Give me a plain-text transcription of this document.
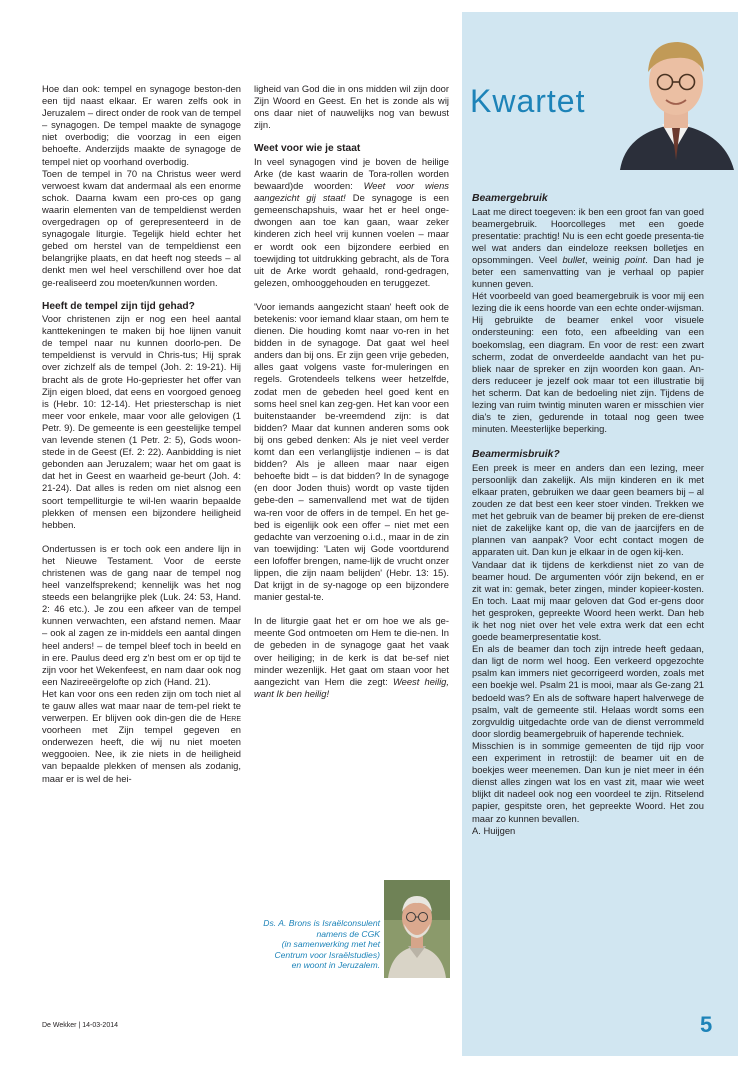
Hoe dan ook: tempel en synagoge beston-den een tijd naast elkaar. Er waren zelfs ook in Jeruzalem – direct onder de rook van de tempel – synagogen. De tempel maakte de synagoge niet overbodig; die voorzag in een eigen behoefte. Anderzijds maakte de synagoge de tempel niet op voorhand overbodig.

Toen de tempel in 70 na Christus weer werd verwoest kwam dat andermaal als een enorme schok. Daarna kwam een pro-ces op gang waarin elementen van de tempeldienst werden overgedragen op of gerepresenteerd in de synagogale liturgie. Tegelijk hield echter het gebed om herstel van de tempeldienst een belangrijke plaats, en dat heeft nog steeds – al denkt men wel heel verschillend over hoe dat ge-realiseerd zou moeten/kunnen worden.

Heeft de tempel zijn tijd gehad?

Voor christenen zijn er nog een heel aantal kanttekeningen te maken bij hoe lijnen vanuit de tempel naar nu kunnen doorlo-pen. De tempeldienst is vervuld in Chris-tus; Hij sprak over zichzelf als de tempel (Joh. 2: 19-21). Hij bracht als de grote Ho-gepriester het offer van Zijn eigen bloed, dat eens en voorgoed genoeg is (Hebr. 10: 12-14). Het priesterschap is niet meer voor enkele, maar voor alle gelovigen (1 Petr. 9). De gemeente is een geestelijke tempel van levende stenen (1 Petr. 2: 5), Gods woon-stede in de Geest (Ef. 2: 22). Aanbidding is niet gebonden aan Jeruzalem; waar het om gaat is dat het in Geest en waarheid ge-beurt (Joh. 4: 21-24). Dat alles is reden om niet alsnog een soort tempelliturgie te wil-len waarin bepaalde plekken of mensen een bijzondere heiligheid hebben.

Ondertussen is er toch ook een andere lijn in het Nieuwe Testament. Voor de eerste christenen was de gang naar de tempel nog heel vanzelfsprekend; kennelijk was het nog steeds een belangrijke plek (Luk. 24: 53, Hand. 2: 46 etc.). Je zou een afkeer van de tempel kunnen verwachten, een afstand nemen. Maar – ook al zagen ze in-middels een aantal dingen heel anders! – de tempel bleef toch in beeld en in ere. Paulus deed erg z'n best om er op tijd te zijn voor het Wekenfeest, en nam daar ook nog een Nazireeërgelofte op zich (Hand. 21).

Het kan voor ons een reden zijn om toch niet al te gauw alles wat maar naar de tem-pel riekt te verwerpen. Er blijven ook din-gen die de Here voorheen met Zijn tempel gegeven en onderwezen heeft, die wij nu niet moeten weggooien. Nee, ik zie niets in de heiligheid van bepaalde plekken of mensen als zodanig, maar er is wel de hei-

ligheid van God die in ons midden wil zijn door Zijn Woord en Geest. En het is zonde als wij ons daar niet of nauwelijks nog van bewust zijn.

Weet voor wie je staat

In veel synagogen vind je boven de heilige Arke (de kast waarin de Tora-rollen worden bewaard)de woorden: Weet voor wiens aangezicht gij staat! De synagoge is een gemeenschapshuis, waar het er heel onge-dwongen aan toe kan gaan, waar zeker kinderen zich heel vrij kunnen voelen – maar er wordt ook een bijzondere eerbied en toewijding tot uitdrukking gebracht, als de Tora uit de Arke wordt gehaald, rond-gedragen, gelezen, omhooggehouden en teruggezet.

'Voor iemands aangezicht staan' heeft ook de betekenis: voor iemand klaar staan, om hem te dienen. Die houding komt naar vo-ren in het bidden in de synagoge. Dat gaat wel heel anders dan bij ons. Er zijn geen vrije gebeden, alles gaat volgens vaste for-muleringen en regels. Grotendeels telkens weer hetzelfde, zodat men de gebeden heel goed kent en soms heel snel kan zeg-gen. Het kan voor een buitenstaander be-vreemdend zijn: is dat bidden? Maar dat kunnen anderen soms ook bij ons gebed denken: Als je niet veel verder komt dan een verlanglijstje indienen – is dat bidden? Als je alleen maar naar eigen behoefte bidt – is dat bidden? In de synagoge (en door Joden thuis) wordt op vaste tijden gebe-den – samenvallend met wat de tijden wa-ren voor de offers in de tempel. En het ge-bed is eigenlijk ook een offer – niet met een gedachte van verzoening o.i.d., maar in de zin van toewijding: 'Laten wij Gode voortdurend een lofoffer brengen, name-lijk de vrucht onzer lippen, die zijn naam belijden' (Hebr. 13: 15). Dat krijgt in de sy-nagoge op een bijzondere manier gestal-te.

In de liturgie gaat het er om hoe we als ge-meente God ontmoeten om Hem te die-nen. In de gebeden in de synagoge gaat het vaak over heiliging; in de kerk is dat be-sef niet minder wezenlijk. Het gaat om staan voor het aangezicht van Hem die zegt: Weest heilig, want Ik ben heilig!

Ds. A. Brons is Israëlconsulent
namens de CGK
(in samenwerking met het
Centrum voor Israëlstudies)
en woont in Jeruzalem.
Kwartet
Beamergebruik

Laat me direct toegeven: ik ben een groot fan van goed beamergebruik. Hoorcolleges met een goede presentatie: prachtig! Nu is een echt goede presenta-tie wel wat anders dan eindeloze reeksen bolletjes en opsommingen. Veel bullet, weinig point. Dan had je beter een samenvatting van je verhaal op papier kunnen geven.

Hét voorbeeld van goed beamergebruik is voor mij een lezing die ik eens hoorde van een echte onder-wijsman. Hij gebruikte de beamer enkel voor visuele ondersteuning: een foto, een afbeelding van een boekomslag, een diagram. En voor de rest: een zwart scherm, zodat de onverdeelde aandacht van het pu-bliek naar de spreker en zijn woorden kon gaan. An-ders reduceer je jezelf ook maar tot een illustratie bij het scherm. Dat kan de bedoeling niet zijn. Tijdens de lezing van ruim twintig minuten waren er misschien vier dia's te zien, gedurende in totaal nog geen twee minuten. Meesterlijke beperking.

Beamermisbruik?

Een preek is meer en anders dan een lezing, meer persoonlijk dan zakelijk. Als mijn kinderen en ik met elkaar praten, gebruiken we daar geen beamers bij – al zouden ze dat best een keer stoer vinden. Trekken we met het gebruik van de beamer bij preken de ere-dienst niet de zakelijke kant op, die van de jaarcijfers en de plannen van aanpak? Voor echt contact mogen de apparaten uit. Dan kun je elkaar in de ogen kij-ken.

Vandaar dat ik tijdens de kerkdienst niet zo van de beamer houd. De argumenten vóór zijn bekend, en er zit wat in: gemak, beter zingen, minder kopieer-kosten. En toch. Laat mij maar geloven dat God er-gens door het gesproken, gepreekte Woord heen werkt. Dan heb ik het nog niet over het vele extra werk dat een echt goede beamerpresentatie kost.

En als de beamer dan toch zijn intrede heeft gedaan, dan ligt de norm wel hoog. Een verkeerd opgezochte psalm kan immers niet gecorrigeerd worden, zoals met een boekje wel. Psalm 21 is mooi, maar als Ge-zang 21 bedoeld was? En als de software hapert halverwege de psalm, valt de gemeente stil. Helaas wordt soms een zorgvuldig uitgedachte orde van de dienst verrommeld door slordig beamergebruik of haperende techniek.

Misschien is in sommige gemeenten de tijd rijp voor een experiment in retrostijl: de beamer uit en de boekjes weer meenemen. Dan kun je niet meer in één dienst alles zingen wat los en vast zit, maar wie weet blijkt dit nadeel ook nog een voordeel te zijn. Ritselend papier, gespitste oren, het gepreekte Woord. Het zou maar zo kunnen bevallen.

A. Huijgen

De Wekker | 14-03-2014	5
